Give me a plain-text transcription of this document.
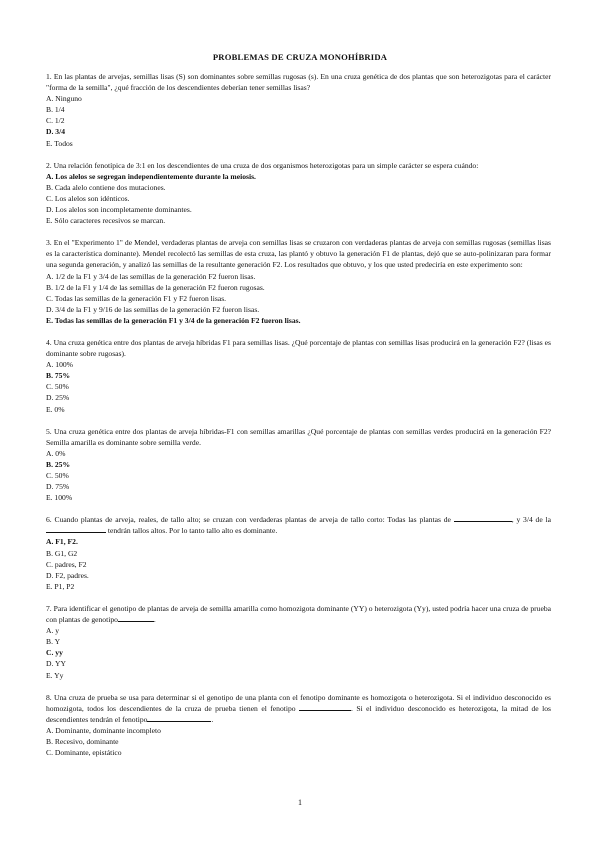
PROBLEMAS DE CRUZA MONOHÍBRIDA

1. En las plantas de arvejas, semillas lisas (S) son dominantes sobre semillas rugosas (s). En una cruza genética de dos plantas que son heterozigotas para el carácter "forma de la semilla", ¿qué fracción de los descendientes deberían tener semillas lisas?

A. Ninguno
B. 1/4
C. 1/2
D. 3/4
E. Todos

2. Una relación fenotípica de 3:1 en los descendientes de una cruza de dos organismos heterozigotas para un simple carácter se espera cuándo:

A. Los alelos se segregan independientemente durante la meiosis.
B. Cada alelo contiene dos mutaciones.
C. Los alelos son idénticos.
D. Los alelos son incompletamente dominantes.
E. Sólo caracteres recesivos se marcan.

3. En el "Experimento 1" de Mendel, verdaderas plantas de arveja con semillas lisas se cruzaron con verdaderas plantas de arveja con semillas rugosas (semillas lisas es la característica dominante). Mendel recolectó las semillas de esta cruza, las plantó y obtuvo la generación F1 de plantas, dejó que se auto-polinizaran para formar una segunda generación, y analizó las semillas de la resultante generación F2. Los resultados que obtuvo, y los que usted predeciría en este experimento son:

A. 1/2 de la F1 y 3/4 de las semillas de la generación F2 fueron lisas.
B. 1/2 de la F1 y 1/4 de las semillas de la generación F2 fueron rugosas.
C. Todas las semillas de la generación F1 y F2 fueron lisas.
D. 3/4 de la F1 y 9/16 de las semillas de la generación F2 fueron lisas.
E. Todas las semillas de la generación F1 y 3/4 de la generación F2 fueron lisas.

4. Una cruza genética entre dos plantas de arveja híbridas F1 para semillas lisas. ¿Qué porcentaje de plantas con semillas lisas producirá en la generación F2? (lisas es dominante sobre rugosas).

A. 100%
B. 75%
C. 50%
D. 25%
E. 0%

5. Una cruza genética entre dos plantas de arveja híbridas-F1 con semillas amarillas ¿Qué porcentaje de plantas con semillas verdes producirá en la generación F2? Semilla amarilla es dominante sobre semilla verde.

A. 0%
B. 25%
C. 50%
D. 75%
E. 100%

6. Cuando plantas de arveja, reales, de tallo alto; se cruzan con verdaderas plantas de arveja de tallo corto: Todas las plantas de	, y 3/4 de la  tendrán tallos altos. Por lo tanto tallo alto es dominante.

A. F1, F2.
B. G1, G2
C. padres, F2
D. F2, padres.
E. P1, P2

7. Para identificar el genotipo de plantas de arveja de semilla amarilla como homozigota dominante (YY) o heterozigota (Yy), usted podría hacer una cruza de prueba con plantas de genotipo	.

A. y
B. Y
C. yy
D. YY
E. Yy

8. Una cruza de prueba se usa para determinar si el genotipo de una planta con el fenotipo dominante es homozigota o heterozigota. Si el individuo desconocido es homozigota, todos los descendientes de la cruza de prueba tienen el fenotipo	. Si el individuo desconocido es heterozigota, la mitad de los descendientes tendrán el fenotipo	.

A. Dominante, dominante incompleto
B. Recesivo, dominante
C. Dominante, epistático
1
